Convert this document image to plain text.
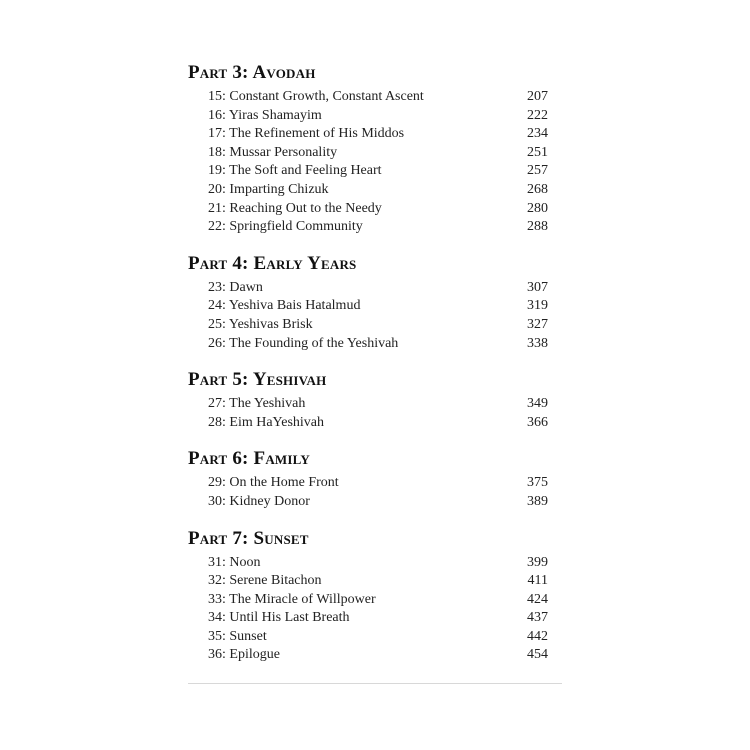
Part 3: Avodah
15: Constant Growth, Constant Ascent	207
16: Yiras Shamayim	222
17: The Refinement of His Middos	234
18: Mussar Personality	251
19: The Soft and Feeling Heart	257
20: Imparting Chizuk	268
21: Reaching Out to the Needy	280
22: Springfield Community	288
Part 4: Early Years
23: Dawn	307
24: Yeshiva Bais Hatalmud	319
25: Yeshivas Brisk	327
26: The Founding of the Yeshivah	338
Part 5: Yeshivah
27: The Yeshivah	349
28: Eim HaYeshivah	366
Part 6: Family
29: On the Home Front	375
30: Kidney Donor	389
Part 7: Sunset
31: Noon	399
32: Serene Bitachon	411
33: The Miracle of Willpower	424
34: Until His Last Breath	437
35: Sunset	442
36: Epilogue	454
